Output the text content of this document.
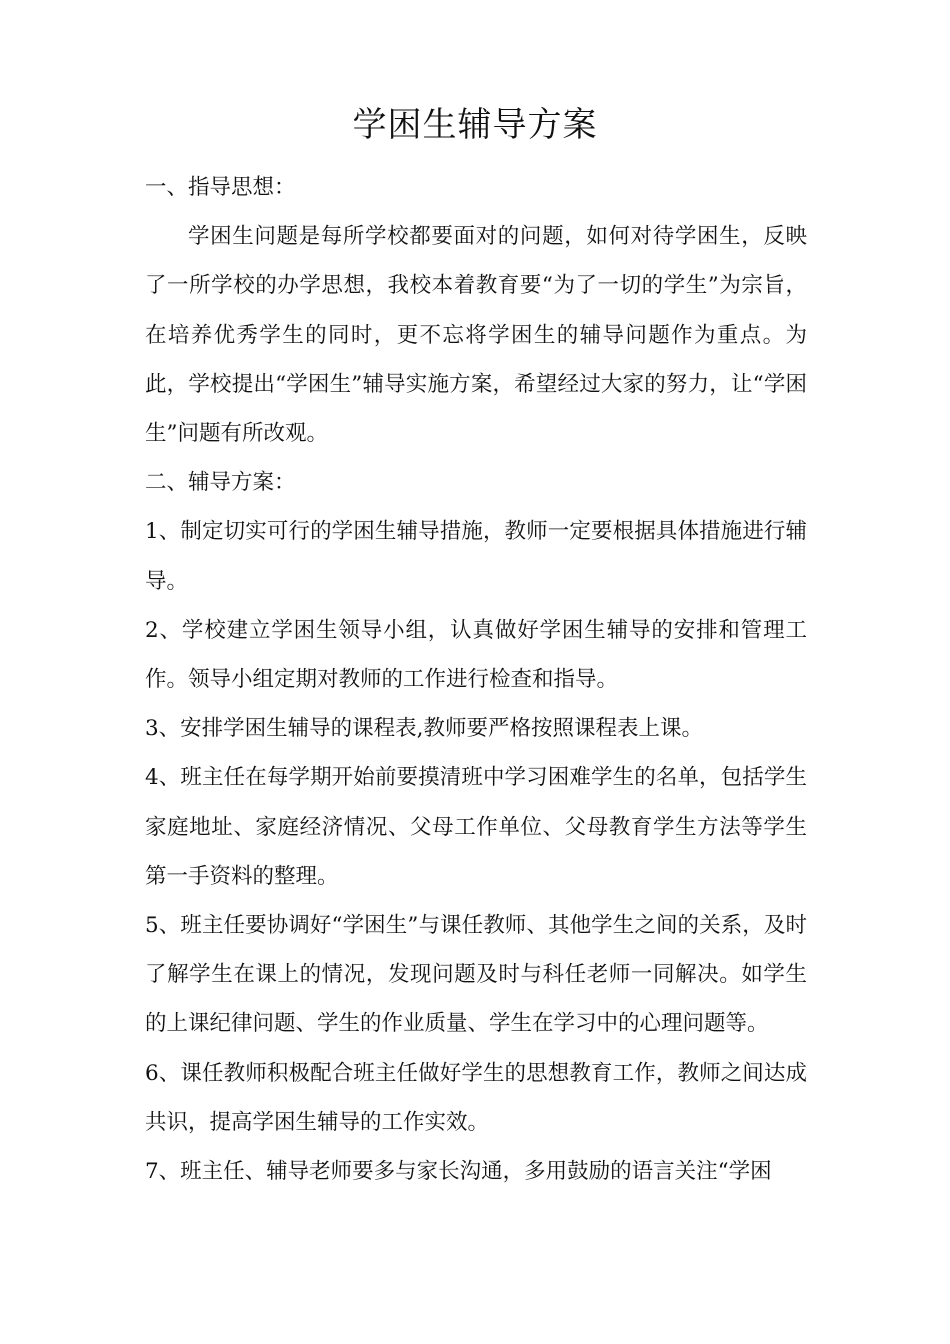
学困生辅导方案

一、指导思想：

学困生问题是每所学校都要面对的问题，如何对待学困生，反映了一所学校的办学思想，我校本着教育要“为了一切的学生”为宗旨，在培养优秀学生的同时，更不忘将学困生的辅导问题作为重点。为此，学校提出“学困生”辅导实施方案，希望经过大家的努力，让“学困生”问题有所改观。

二、辅导方案：

1、制定切实可行的学困生辅导措施，教师一定要根据具体措施进行辅导。

2、学校建立学困生领导小组，认真做好学困生辅导的安排和管理工作。领导小组定期对教师的工作进行检查和指导。

3、安排学困生辅导的课程表,教师要严格按照课程表上课。

4、班主任在每学期开始前要摸清班中学习困难学生的名单，包括学生家庭地址、家庭经济情况、父母工作单位、父母教育学生方法等学生第一手资料的整理。

5、班主任要协调好“学困生”与课任教师、其他学生之间的关系，及时了解学生在课上的情况，发现问题及时与科任老师一同解决。如学生的上课纪律问题、学生的作业质量、学生在学习中的心理问题等。

6、课任教师积极配合班主任做好学生的思想教育工作，教师之间达成共识，提高学困生辅导的工作实效。

7、班主任、辅导老师要多与家长沟通，多用鼓励的语言关注“学困
